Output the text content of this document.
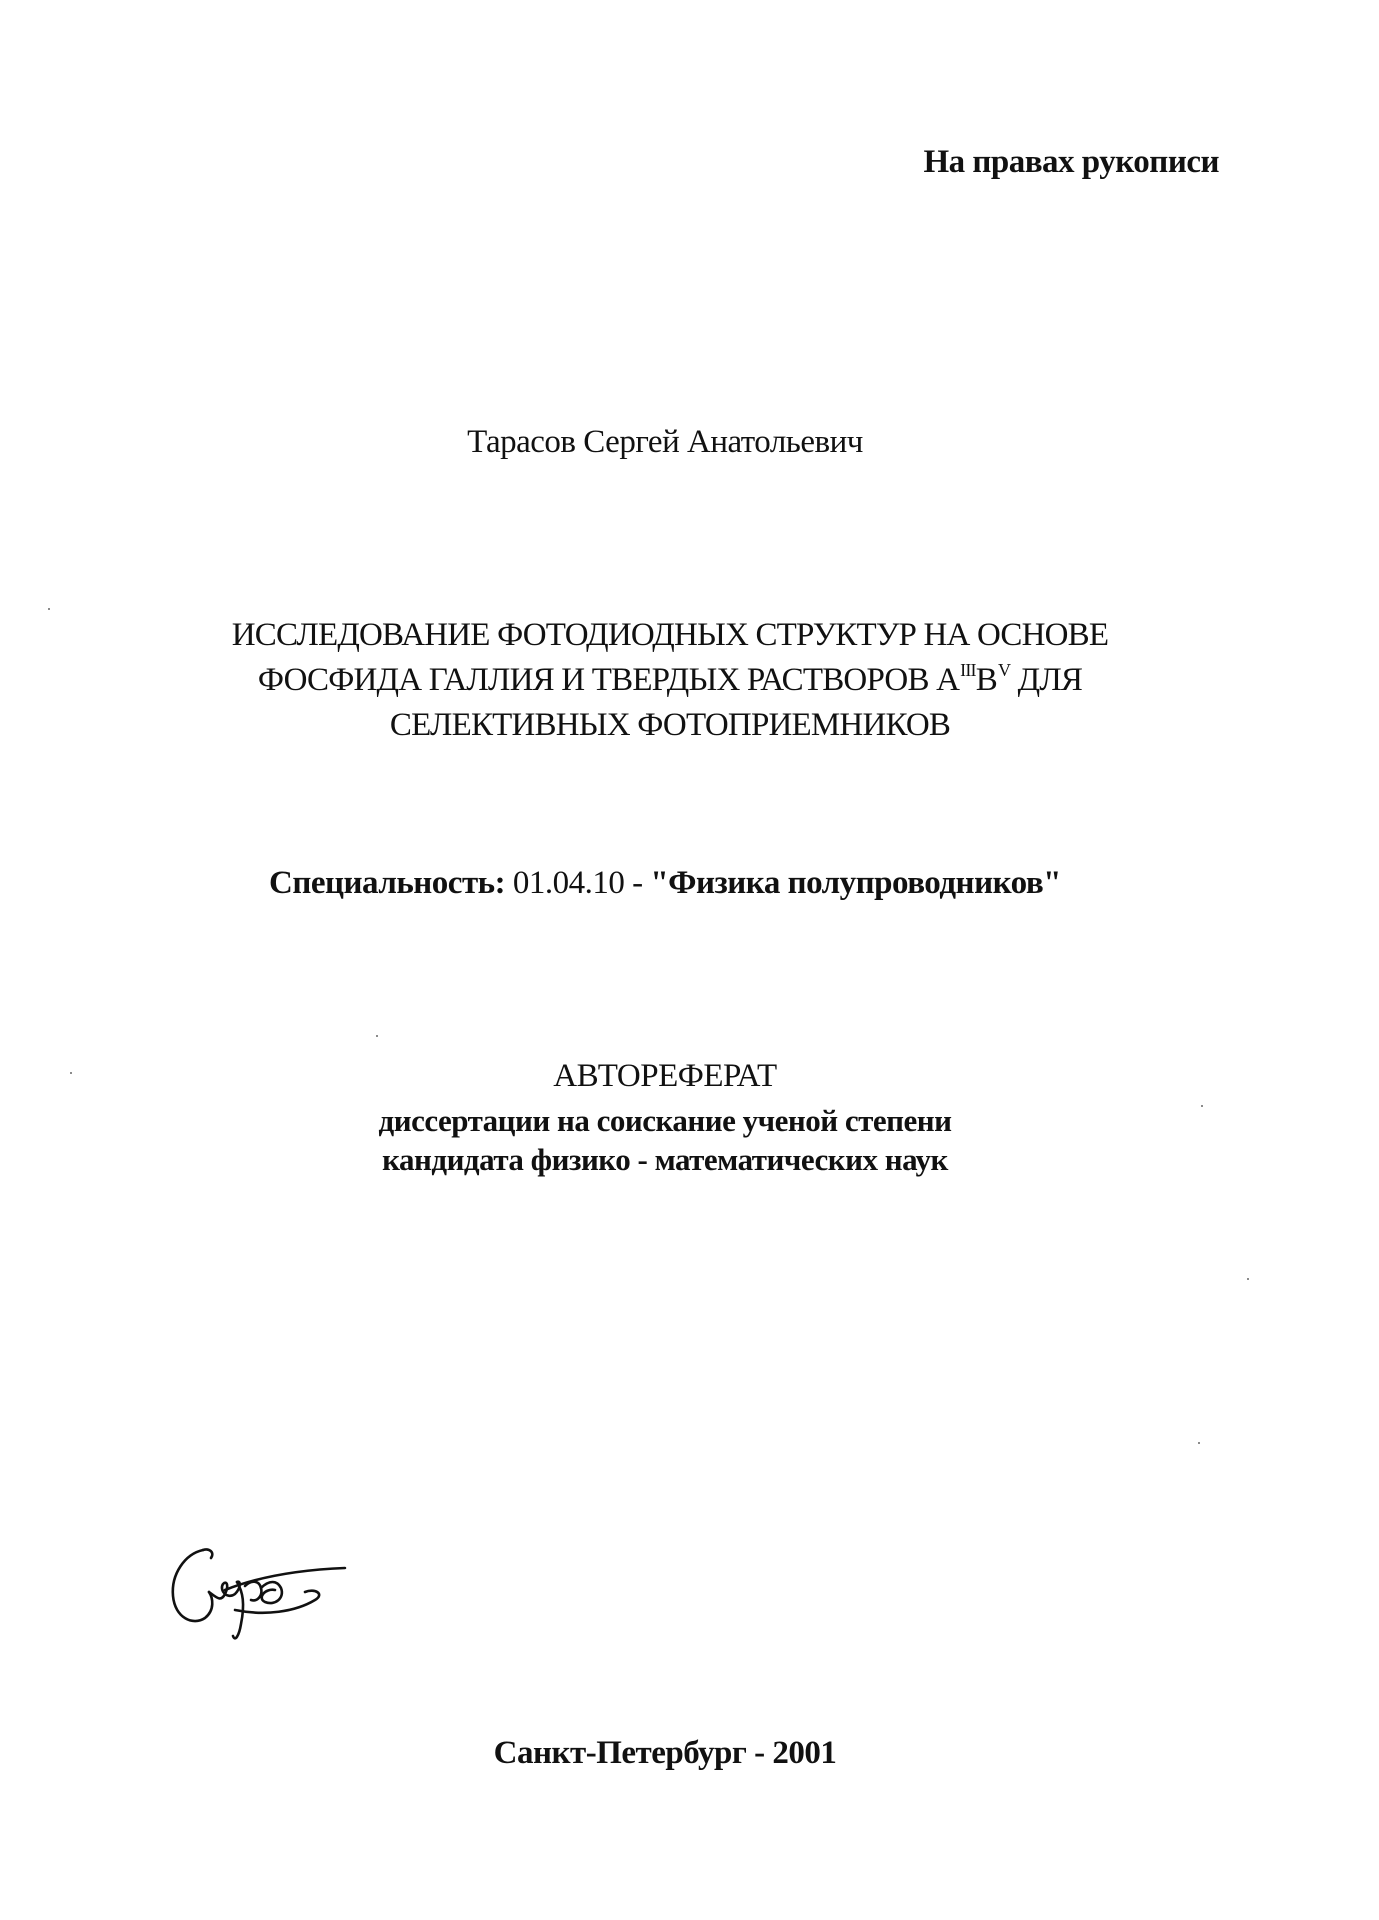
На правах рукописи
Тарасов Сергей Анатольевич
ИССЛЕДОВАНИЕ ФОТОДИОДНЫХ СТРУКТУР НА ОСНОВЕ
ФОСФИДА ГАЛЛИЯ И ТВЕРДЫХ РАСТВОРОВ $А^{III}В^V$ ДЛЯ
СЕЛЕКТИВНЫХ ФОТОПРИЕМНИКОВ
Специальность: 01.04.10 - "Физика полупроводников"
АВТОРЕФЕРАТ
диссертации на соискание ученой степени
кандидата физико - математических наук
Санкт-Петербург - 2001
